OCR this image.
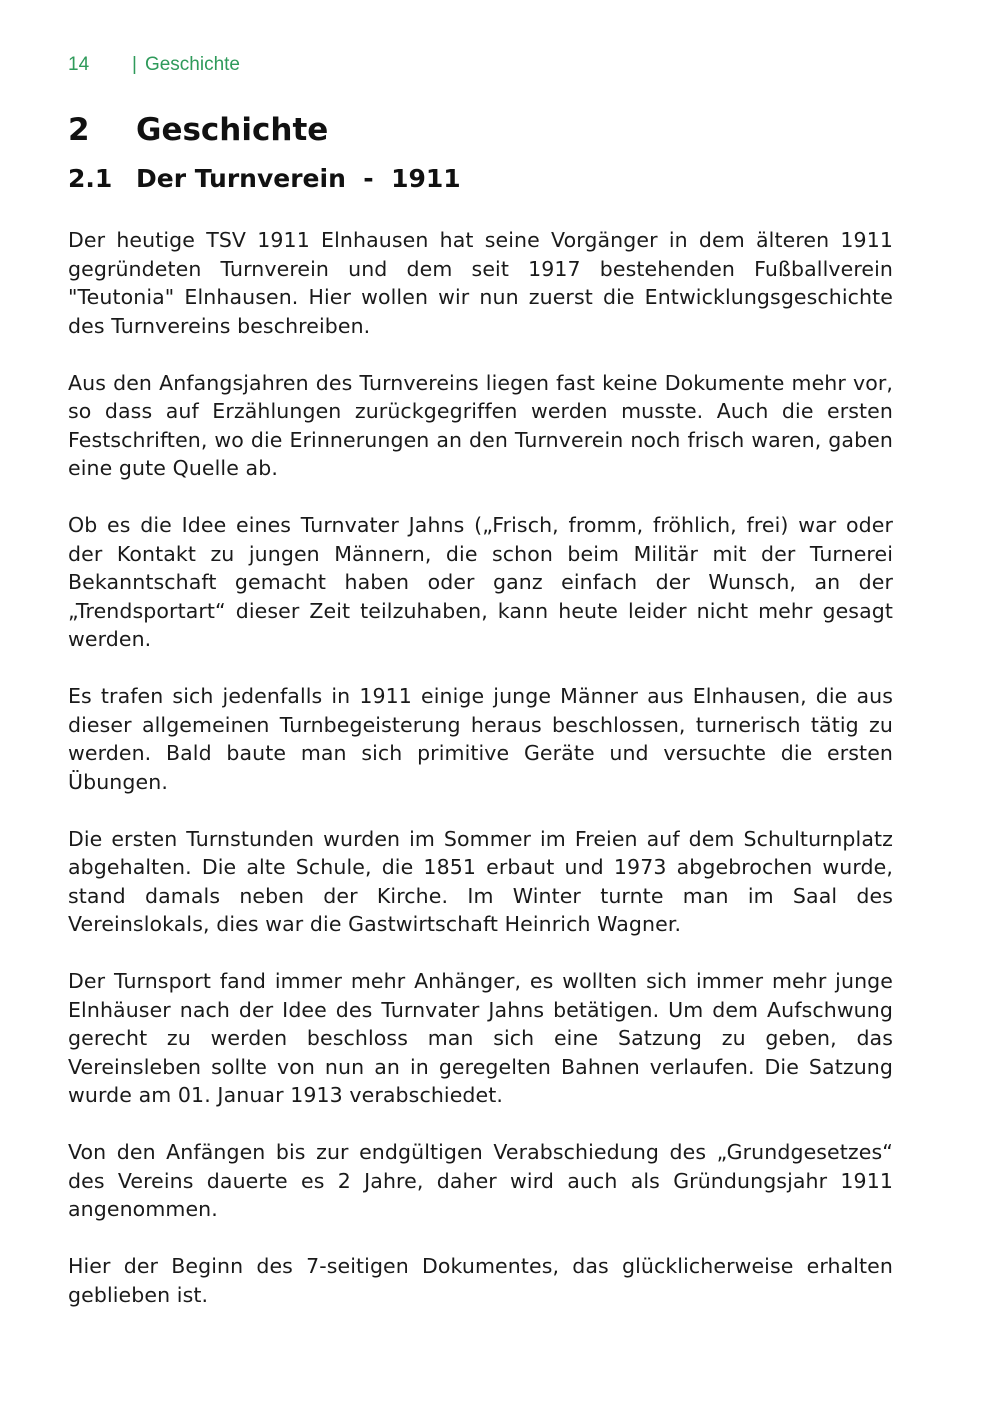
14	| Geschichte
2	Geschichte
2.1 Der Turnverein  -  1911

Der heutige TSV 1911 Elnhausen hat seine Vorgänger in dem älteren 1911 gegründeten Turnverein und dem seit 1917 bestehenden Fußballverein "Teutonia" Elnhausen. Hier wollen wir nun zuerst die Entwicklungsgeschichte des Turnvereins beschreiben.

Aus den Anfangsjahren des Turnvereins liegen fast keine Dokumente mehr vor, so dass auf Erzählungen zurückgegriffen werden musste. Auch die ersten Festschriften, wo die Erinnerungen an den Turnverein noch frisch waren, gaben eine gute Quelle ab.

Ob es die Idee eines Turnvater Jahns („Frisch, fromm, fröhlich, frei) war oder der Kontakt zu jungen Männern, die schon beim Militär mit der Turnerei Bekanntschaft gemacht haben oder ganz einfach der Wunsch, an der „Trendsportart“ dieser Zeit teilzuhaben, kann heute leider nicht mehr gesagt werden.

Es trafen sich jedenfalls in 1911 einige junge Männer aus Elnhausen, die aus dieser allgemeinen Turnbegeisterung heraus beschlossen, turnerisch tätig zu werden. Bald baute man sich primitive Geräte und versuchte die ersten Übungen.

Die ersten Turnstunden wurden im Sommer im Freien auf dem Schulturnplatz abgehalten. Die alte Schule, die 1851 erbaut und 1973 abgebrochen wurde, stand damals neben der Kirche. Im Winter turnte man im Saal des Vereinslokals, dies war die Gastwirtschaft Heinrich Wagner.

Der Turnsport fand immer mehr Anhänger, es wollten sich immer mehr junge Elnhäuser nach der Idee des Turnvater Jahns betätigen. Um dem Aufschwung gerecht zu werden beschloss man sich eine Satzung zu geben, das Vereinsleben sollte von nun an in geregelten Bahnen verlaufen. Die Satzung wurde am 01. Januar 1913 verabschiedet.

Von den Anfängen bis zur endgültigen Verabschiedung des „Grundgesetzes“ des Vereins dauerte es 2 Jahre, daher wird auch als Gründungsjahr 1911 angenommen.

Hier der Beginn des 7-seitigen Dokumentes, das glücklicherweise erhalten geblieben ist.
